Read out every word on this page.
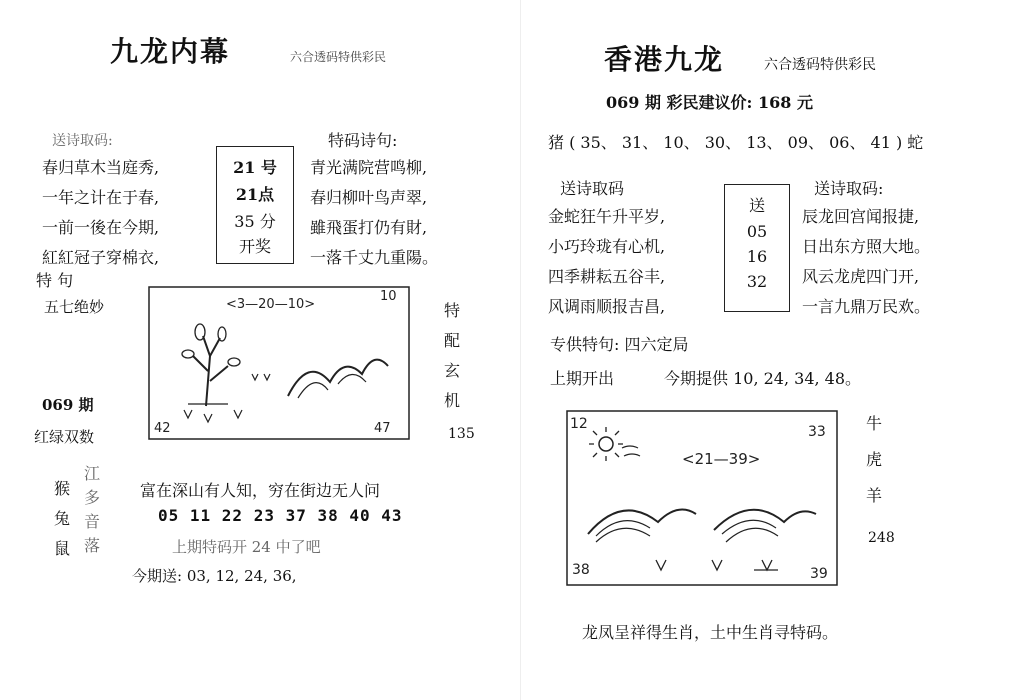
九龙内幕	六合透码特供彩民
送诗取码:
春归草木当庭秀,
一年之计在于春,
一前一後在今期,
紅紅冠子穿棉衣,
21 号
21点
35 分
开奖
特码诗句:
青光满院营鸣柳,
春归柳叶鸟声翠,
雖飛蛋打仍有財,
一落千丈九重陽。
特 句
五七绝妙	<3—20—10>
10
42	47
特
配
玄
机
135
069 期
红绿双数
猴
兔
鼠
江
多
音
落
富在深山有人知，穷在街边无人问
05 11 22 23 37 38 40 43
上期特码开 24 中了吧
今期送: 03, 12, 24, 36,
香港九龙	六合透码特供彩民
069 期 彩民建议价: 168 元
猪 ( 35、 31、 10、 30、 13、 09、 06、 41 ) 蛇
送诗取码
金蛇狂午升平岁,
小巧玲珑有心机,
四季耕耘五谷丰,
风调雨顺报吉昌,
送
05
16
32
送诗取码:
辰龙回宫闻报捷,
日出东方照大地。
风云龙虎四门开,
一言九鼎万民欢。
专供特句: 四六定局
上期开出	今期提供 10, 24, 34, 48。
12	33
<21—39>
38	39
牛
虎
羊
248
龙凤呈祥得生肖，土中生肖寻特码。
